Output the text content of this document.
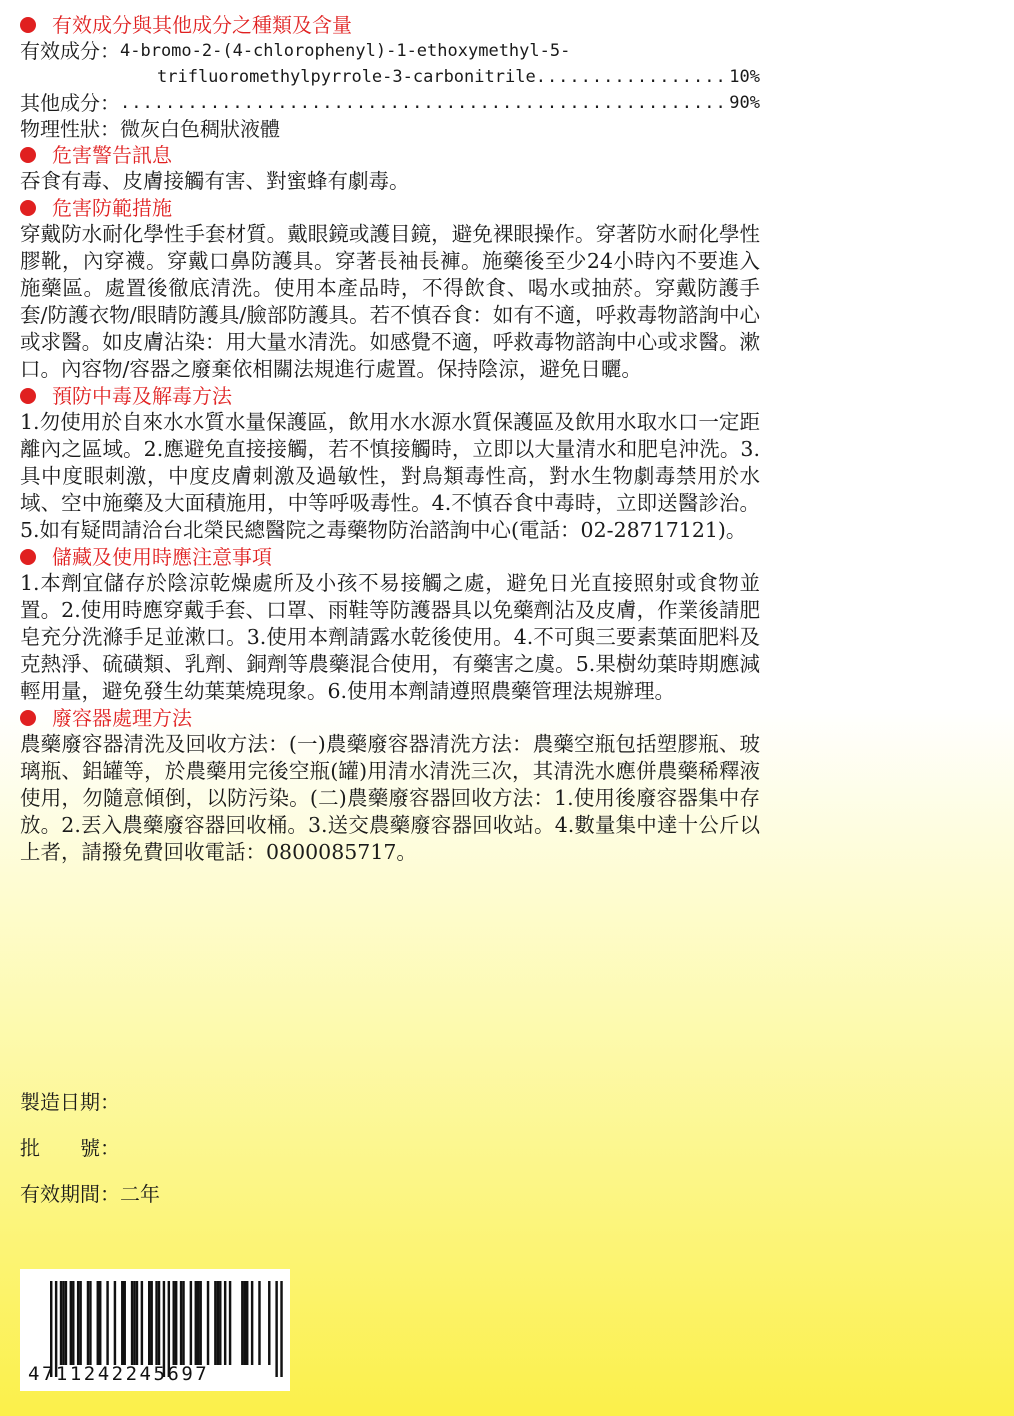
有效成分與其他成分之種類及含量
有效成分： 4-bromo-2-(4-chlorophenyl)-1-ethoxymethyl-5-
trifluoromethylpyrrole-3-carbonitrile .....	10%
其他成分： .....	90%
物理性狀： 微灰白色稠狀液體
危害警告訊息

吞食有毒、皮膚接觸有害、對蜜蜂有劇毒。

危害防範措施

穿戴防水耐化學性手套材質。戴眼鏡或護目鏡，避免裸眼操作。穿著防水耐化學性膠靴，內穿襪。穿戴口鼻防護具。穿著長袖長褲。施藥後至少24小時內不要進入施藥區。處置後徹底清洗。使用本產品時，不得飲食、喝水或抽菸。穿戴防護手套/防護衣物/眼睛防護具/臉部防護具。若不慎吞食：如有不適，呼救毒物諮詢中心或求醫。如皮膚沾染：用大量水清洗。如感覺不適，呼救毒物諮詢中心或求醫。漱口。內容物/容器之廢棄依相關法規進行處置。保持陰涼，避免日曬。

預防中毒及解毒方法

1.勿使用於自來水水質水量保護區，飲用水水源水質保護區及飲用水取水口一定距離內之區域。2.應避免直接接觸，若不慎接觸時，立即以大量清水和肥皂沖洗。3.具中度眼刺激，中度皮膚刺激及過敏性，對鳥類毒性高，對水生物劇毒禁用於水域、空中施藥及大面積施用，中等呼吸毒性。4.不慎吞食中毒時，立即送醫診治。5.如有疑問請洽台北榮民總醫院之毒藥物防治諮詢中心(電話：02-28717121)。

儲藏及使用時應注意事項

1.本劑宜儲存於陰涼乾燥處所及小孩不易接觸之處，避免日光直接照射或食物並置。2.使用時應穿戴手套、口罩、雨鞋等防護器具以免藥劑沾及皮膚，作業後請肥皂充分洗滌手足並漱口。3.使用本劑請露水乾後使用。4.不可與三要素葉面肥料及克熱淨、硫磺類、乳劑、銅劑等農藥混合使用，有藥害之虞。5.果樹幼葉時期應減輕用量，避免發生幼葉葉燒現象。6.使用本劑請遵照農藥管理法規辦理。

廢容器處理方法

農藥廢容器清洗及回收方法：(一)農藥廢容器清洗方法：農藥空瓶包括塑膠瓶、玻璃瓶、鋁罐等，於農藥用完後空瓶(罐)用清水清洗三次，其清洗水應併農藥稀釋液使用，勿隨意傾倒，以防污染。(二)農藥廢容器回收方法：1.使用後廢容器集中存放。2.丟入農藥廢容器回收桶。3.送交農藥廢容器回收站。4.數量集中達十公斤以上者，請撥免費回收電話：0800085717。

製造日期：
批　　號：
有效期間：二年
4711242245697
